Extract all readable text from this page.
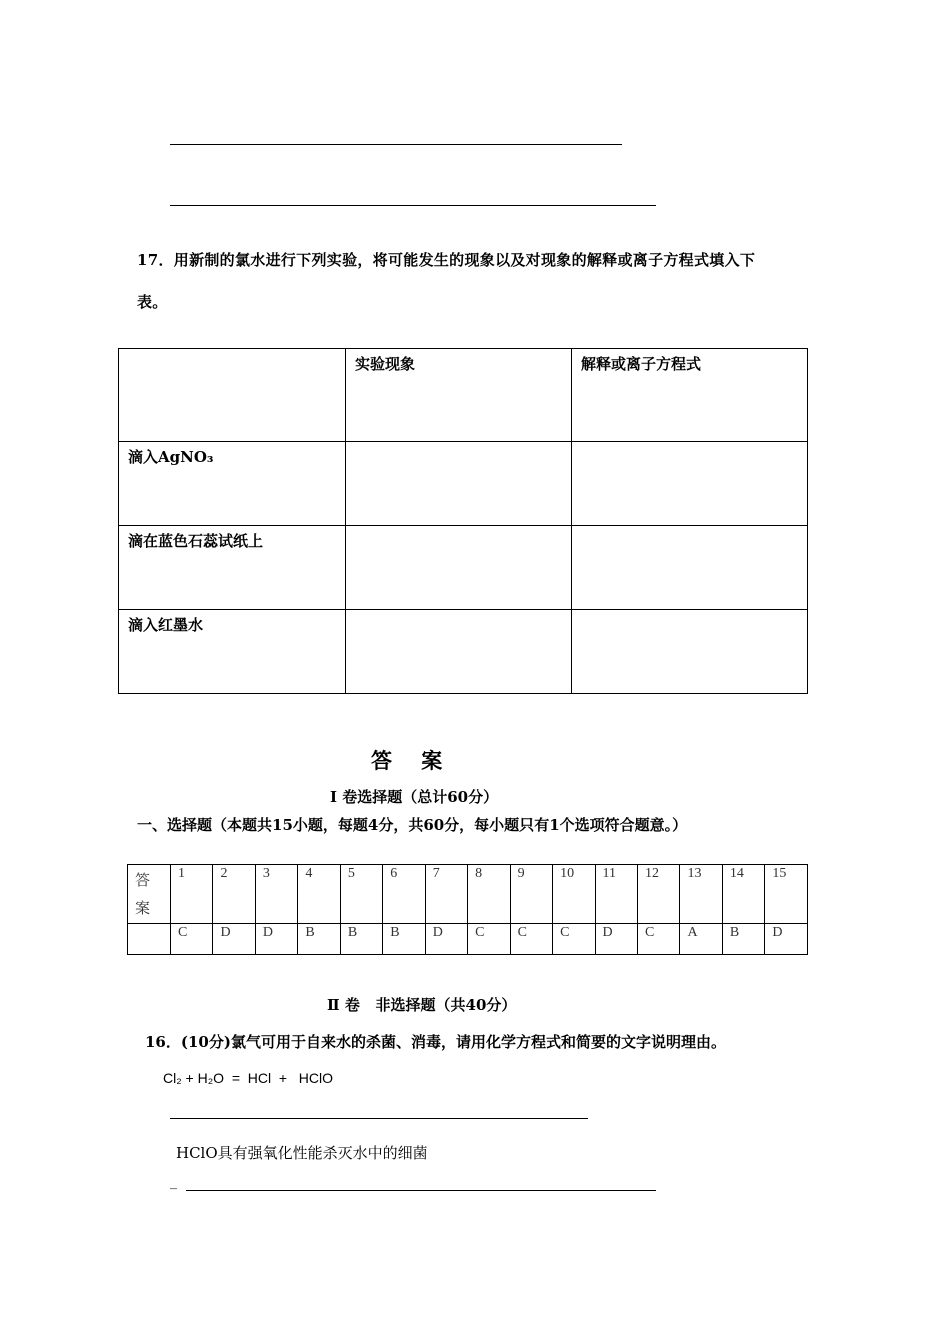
17．用新制的氯水进行下列实验，将可能发生的现象以及对现象的解释或离子方程式填入下
表。
	实验现象	解释或离子方程式
滴入AgNO₃		
滴在蓝色石蕊试纸上		
滴入红墨水		
答    案
Ⅰ 卷选择题（总计60分）
一、选择题（本题共15小题，每题4分，共60分，每小题只有1个选项符合题意。）
答案	1	2	3	4	5	6	7	8	9	10	11	12	13	14	15
	C	D	D	B	B	B	D	C	C	C	D	C	A	B	D
Ⅱ 卷   非选择题（共40分）
16．(10分)氯气可用于自来水的杀菌、消毒，请用化学方程式和简要的文字说明理由。
Cl₂ + H₂O  =  HCl  +   HClO
HClO具有强氧化性能杀灭水中的细菌
_
